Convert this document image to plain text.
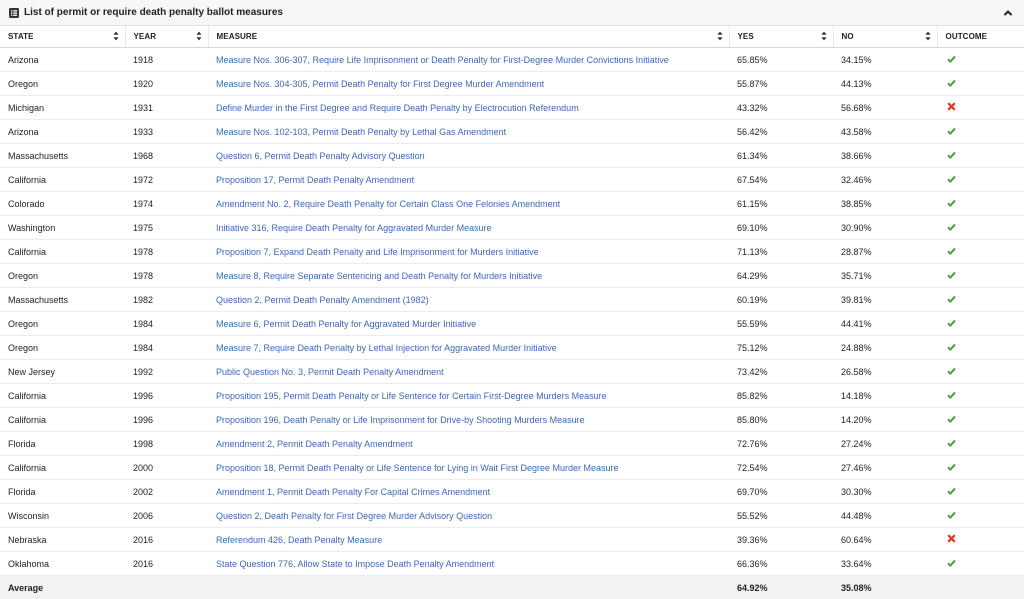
List of permit or require death penalty ballot measures
STATE	YEAR	MEASURE	YES	NO	OUTCOME
Arizona	1918	Measure Nos. 306-307, Require Life Imprisonment or Death Penalty for First-Degree Murder Convictions Initiative	65.85%	34.15%	
Oregon	1920	Measure Nos. 304-305, Permit Death Penalty for First Degree Murder Amendment	55.87%	44.13%	
Michigan	1931	Define Murder in the First Degree and Require Death Penalty by Electrocution Referendum	43.32%	56.68%	
Arizona	1933	Measure Nos. 102-103, Permit Death Penalty by Lethal Gas Amendment	56.42%	43.58%	
Massachusetts	1968	Question 6, Permit Death Penalty Advisory Question	61.34%	38.66%	
California	1972	Proposition 17, Permit Death Penalty Amendment	67.54%	32.46%	
Colorado	1974	Amendment No. 2, Require Death Penalty for Certain Class One Felonies Amendment	61.15%	38.85%	
Washington	1975	Initiative 316, Require Death Penalty for Aggravated Murder Measure	69.10%	30.90%	
California	1978	Proposition 7, Expand Death Penalty and Life Imprisonment for Murders Initiative	71.13%	28.87%	
Oregon	1978	Measure 8, Require Separate Sentencing and Death Penalty for Murders Initiative	64.29%	35.71%	
Massachusetts	1982	Question 2, Permit Death Penalty Amendment (1982)	60.19%	39.81%	
Oregon	1984	Measure 6, Permit Death Penalty for Aggravated Murder Initiative	55.59%	44.41%	
Oregon	1984	Measure 7, Require Death Penalty by Lethal Injection for Aggravated Murder Initiative	75.12%	24.88%	
New Jersey	1992	Public Question No. 3, Permit Death Penalty Amendment	73.42%	26.58%	
California	1996	Proposition 195, Permit Death Penalty or Life Sentence for Certain First-Degree Murders Measure	85.82%	14.18%	
California	1996	Proposition 196, Death Penalty or Life Imprisonment for Drive-by Shooting Murders Measure	85.80%	14.20%	
Florida	1998	Amendment 2, Permit Death Penalty Amendment	72.76%	27.24%	
California	2000	Proposition 18, Permit Death Penalty or Life Sentence for Lying in Wait First Degree Murder Measure	72.54%	27.46%	
Florida	2002	Amendment 1, Permit Death Penalty For Capital Crimes Amendment	69.70%	30.30%	
Wisconsin	2006	Question 2, Death Penalty for First Degree Murder Advisory Question	55.52%	44.48%	
Nebraska	2016	Referendum 426, Death Penalty Measure	39.36%	60.64%	
Oklahoma	2016	State Question 776, Allow State to Impose Death Penalty Amendment	66.36%	33.64%	
Average			64.92%	35.08%	
